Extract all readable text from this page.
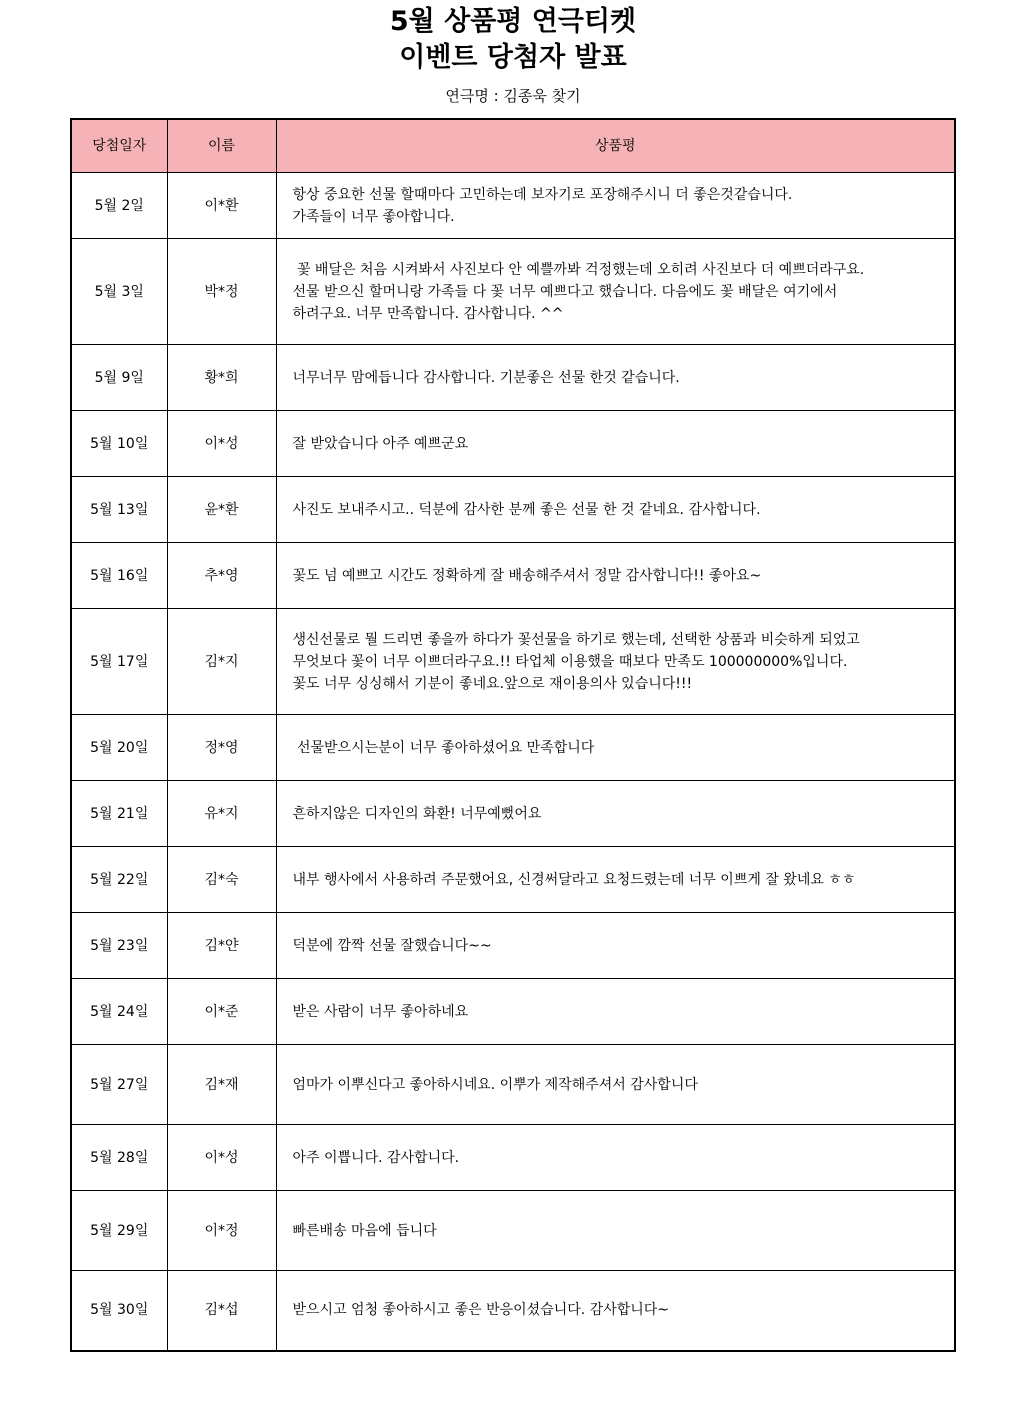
5월 상품평 연극티켓
이벤트 당첨자 발표
연극명 : 김종욱 찾기
당첨일자	이름	상품평
5월 2일	이*환	항상 중요한 선물 할때마다 고민하는데 보자기로 포장해주시니 더 좋은것같습니다.
가족들이 너무 좋아합니다.

5월 3일	박*정	꽃 배달은 처음 시켜봐서 사진보다 안 예쁠까봐 걱정했는데 오히려 사진보다 더 예쁘더라구요.
선물 받으신 할머니랑 가족들 다 꽃 너무 예쁘다고 했습니다. 다음에도 꽃 배달은 여기에서
하려구요. 너무 만족합니다. 감사합니다. ^^

5월 9일	황*희	너무너무 맘에듭니다 감사합니다. 기분좋은 선물 한것 같습니다.

5월 10일	이*성	잘 받았습니다 아주 예쁘군요

5월 13일	윤*환	사진도 보내주시고.. 덕분에 감사한 분께 좋은 선물 한 것 같네요. 감사합니다.

5월 16일	추*영	꽃도 넘 예쁘고 시간도 정확하게 잘 배송해주셔서 정말 감사합니다!! 좋아요~

5월 17일	김*지	생신선물로 뭘 드리면 좋을까 하다가 꽃선물을 하기로 했는데, 선택한 상품과 비슷하게 되었고
무엇보다 꽃이 너무 이쁘더라구요.!! 타업체 이용했을 때보다 만족도 100000000%입니다.
꽃도 너무 싱싱해서 기분이 좋네요.앞으로 재이용의사 있습니다!!!

5월 20일	정*영	선물받으시는분이 너무 좋아하셨어요 만족합니다

5월 21일	유*지	흔하지않은 디자인의 화환! 너무예뻤어요

5월 22일	김*숙	내부 행사에서 사용하려 주문했어요, 신경써달라고 요청드렸는데 너무 이쁘게 잘 왔네요 ㅎㅎ

5월 23일	김*얀	덕분에 깜짝 선물 잘했습니다~~

5월 24일	이*준	받은 사람이 너무 좋아하네요

5월 27일	김*재	엄마가 이뿌신다고 좋아하시네요. 이뿌가 제작해주셔서 감사합니다

5월 28일	이*성	아주 이쁩니다. 감사합니다.

5월 29일	이*정	빠른배송 마음에 듭니다

5월 30일	김*섭	받으시고 엄청 좋아하시고 좋은 반응이셨습니다. 감사합니다~
